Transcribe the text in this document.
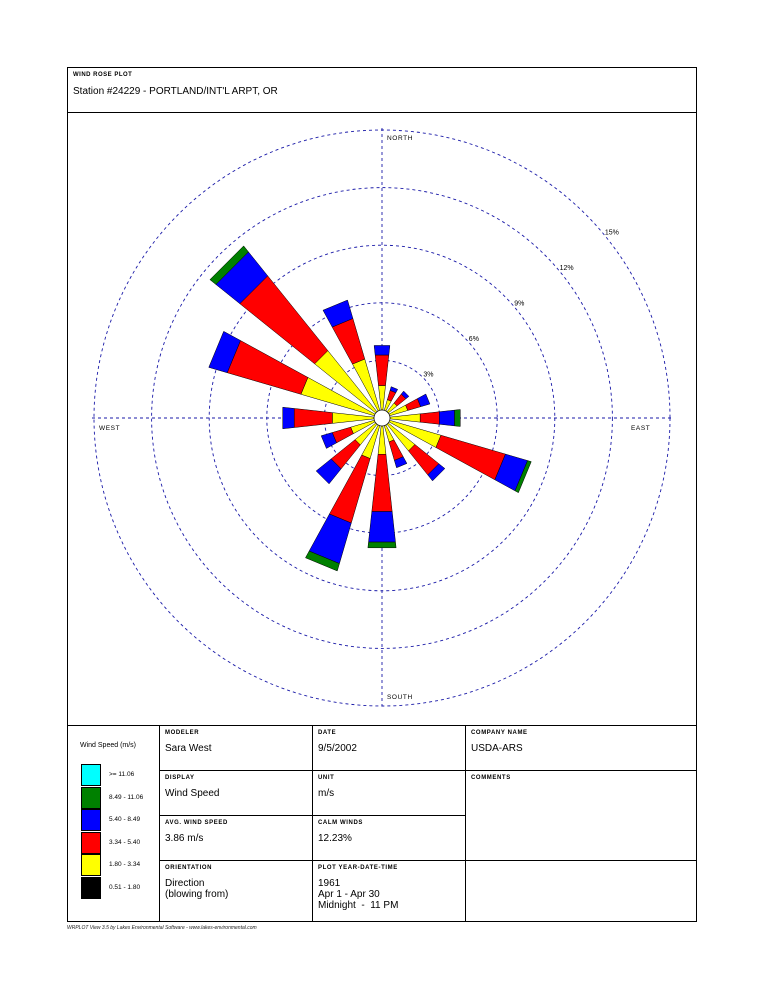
WIND ROSE PLOT
Station #24229 - PORTLAND/INT'L ARPT, OR
3%
6%
9%
12%
15%
NORTH
SOUTH
EAST
WEST
Wind Speed (m/s)
>= 11.06
8.49 - 11.06
5.40 - 8.49
3.34 - 5.40
1.80 - 3.34
0.51 - 1.80
MODELER
Sara West
DATE
9/5/2002
COMPANY NAME
USDA-ARS
DISPLAY
Wind Speed
UNIT
m/s
COMMENTS
AVG. WIND SPEED
3.86 m/s
CALM WINDS
12.23%
ORIENTATION
Direction
(blowing from)
PLOT YEAR-DATE-TIME
1961
Apr 1 - Apr 30
Midnight  -  11 PM
WRPLOT View 3.5 by Lakes Environmental Software - www.lakes-environmental.com
